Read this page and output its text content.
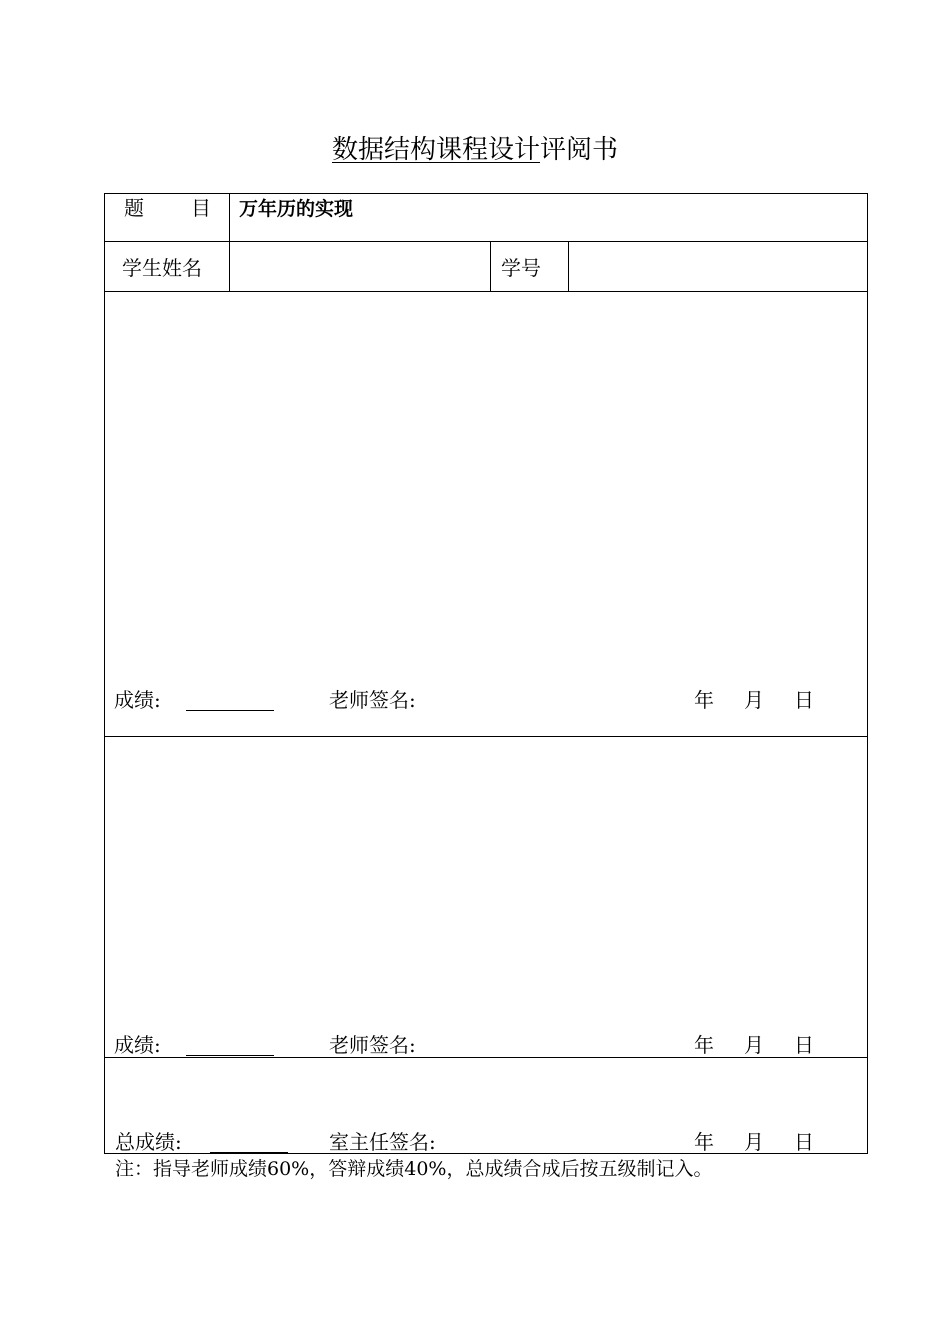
数据结构课程设计评阅书
题 目 万年历的实现
学生姓名	学号
成绩:	老师签名:	年 月 日
成绩:	老师签名:	年 月 日
总成绩:	室主任签名:	年 月 日
注：指导老师成绩60%，答辩成绩40%，总成绩合成后按五级制记入。
